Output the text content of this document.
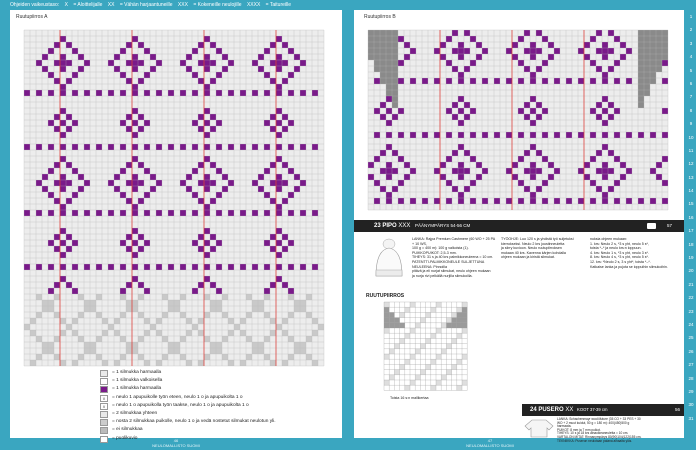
Ohjeiden vaikeustaso: X = Aloittelijalle XX = Vähän harjaantuneille XXX = Kokeneille neulojille XXXX = Taitureille
Ruutupiirros A
= 1 silmukka harmaalla
= 1 silmukka valkoisella
= 1 silmukka harmaalla
\\	= neulo 1 apupuikolle työn eteen, neulo 1 o ja apupuikolta 1 o
//	= neulo 1 o apupuikolla työn taakse, neulo 1 o ja apupuikolta 1 o
= 2 silmukkaa yhteen
= nosta 2 silmukkaa puikolle, neulo 1 o ja vedä nostetut silmukat neulotun yli.
= ei silmukkaa
= puolikuvio
Ruutupiirros B
23 PIPO XXX PÄÄNYMPÄRYS 54-56 CM	57
LANKA: Rajpa Premium Cashmere (60 WO + 25 PA + 10 WS,
100 g = 400 m): 100 g valkoista (1).
PUIKKOPUIKOT: 2,5-3 mm.
TIHEYS: 31 s ja 40 krs palmikkoneuleena = 10 cm.
PATENTTI-PALMIKKONEULE SULJETTUNA NEULEENA: Pinnoilla
pitävä ja eli nurjat silmukat, neulo ohjeen mukaan
ja nurja rivi pelkällä nurjilla silmukoilla.
TYÖOHJE: Luo 120 s ja yhdistä työ suljetuksi
kierrokseksi. Neulo 2 krs joustinneuletta
ja siirry kuvioon. Neulo ruutupiirroksen
mukaan 40 krs. Kavenna kärjen kohdalla
ohjeen mukaan ja kiristä silmukat.
nuksia ohjeen mukaan:
1. krs: Neulo 2 s, *3 s yht, neulo 5 s*,
toista *–* ja neulo krs:n loppuun.
4. krs: Neulo 1 s, *3 s yht, neulo 3 s*.
8. krs: Neulo 4 s, *3 s yht, neulo 5 s*.
12. krs: *Neulo 2 s, 3 s yht*, toista *–*.
Katkaise lanka ja pujota se loppuihin silmukoihin.
RUUTUPIIRROS
Toista 16 s:n mallikertaa
24 PUSERO XX KOOT 37-39 cm	56
LANKA: Schachenmayr wool4future (35 CO + 33 PES + 30
WO + 2 muut kuidut, 50 g = 180 m): 400(450)500 g
harmaata.
PUIKOT: 8 mm ja 7 mm puikot.
TIHEYS: 10 s ja 18 krs ainaoikeaneuletta = 10 cm.
VARTALON MITAT: Rinnanympärys 80(90)104(122)155 cm.
TEKNIIKKA: Puseron neulotaan palana alhaalta ylös.
1
2
3
4
5
6
7
8
9
10
11
12
13
14
15
16
17
18
19
20
21
22
23
24
25
26
27
28
29
30
31
46
NEULOMALLISTO SUOMI
47
NEULOMALLISTO SUOMI
